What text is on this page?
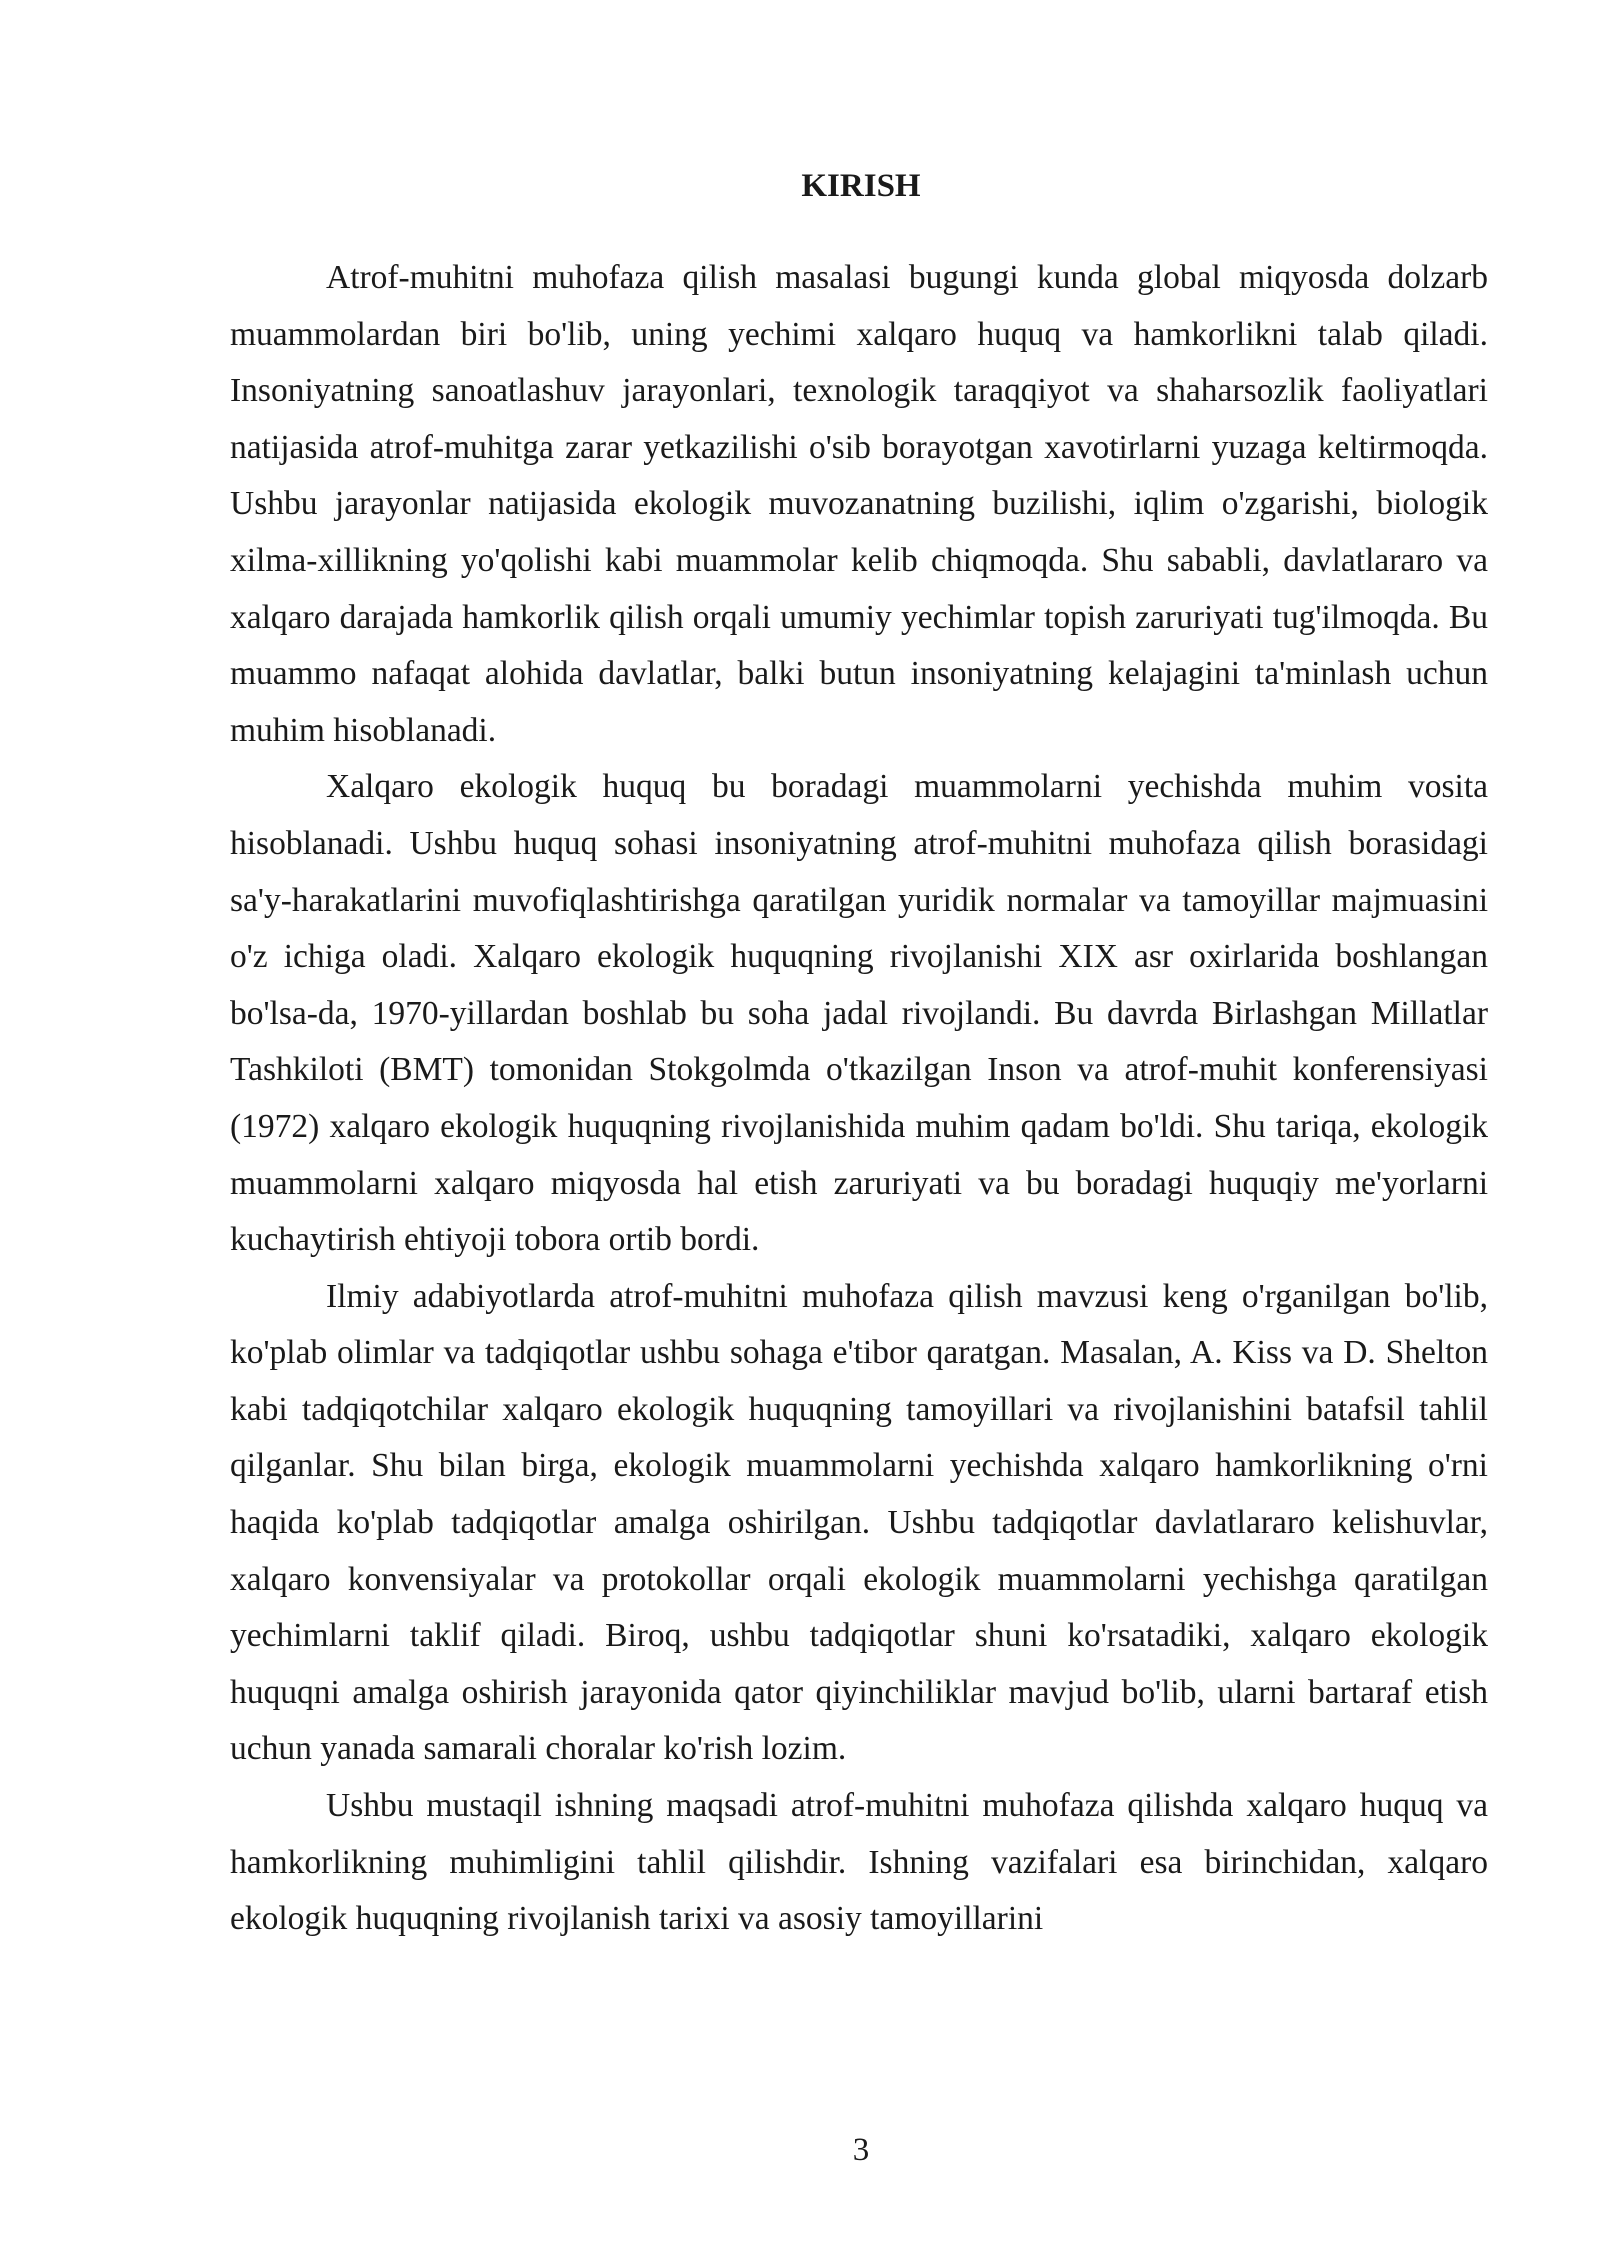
KIRISH

Atrof-muhitni muhofaza qilish masalasi bugungi kunda global miqyosda dolzarb muammolardan biri bo'lib, uning yechimi xalqaro huquq va hamkorlikni talab qiladi. Insoniyatning sanoatlashuv jarayonlari, texnologik taraqqiyot va shaharsozlik faoliyatlari natijasida atrof-muhitga zarar yetkazilishi o'sib borayotgan xavotirlarni yuzaga keltirmoqda. Ushbu jarayonlar natijasida ekologik muvozanatning buzilishi, iqlim o'zgarishi, biologik xilma-xillikning yo'qolishi kabi muammolar kelib chiqmoqda. Shu sababli, davlatlararo va xalqaro darajada hamkorlik qilish orqali umumiy yechimlar topish zaruriyati tug'ilmoqda. Bu muammo nafaqat alohida davlatlar, balki butun insoniyatning kelajagini ta'minlash uchun muhim hisoblanadi.

Xalqaro ekologik huquq bu boradagi muammolarni yechishda muhim vosita hisoblanadi. Ushbu huquq sohasi insoniyatning atrof-muhitni muhofaza qilish borasidagi sa'y-harakatlarini muvofiqlashtirishga qaratilgan yuridik normalar va tamoyillar majmuasini o'z ichiga oladi. Xalqaro ekologik huquqning rivojlanishi XIX asr oxirlarida boshlangan bo'lsa-da, 1970-yillardan boshlab bu soha jadal rivojlandi. Bu davrda Birlashgan Millatlar Tashkiloti (BMT) tomonidan Stokgolmda o'tkazilgan Inson va atrof-muhit konferensiyasi (1972) xalqaro ekologik huquqning rivojlanishida muhim qadam bo'ldi. Shu tariqa, ekologik muammolarni xalqaro miqyosda hal etish zaruriyati va bu boradagi huquqiy me'yorlarni kuchaytirish ehtiyoji tobora ortib bordi.

Ilmiy adabiyotlarda atrof-muhitni muhofaza qilish mavzusi keng o'rganilgan bo'lib, ko'plab olimlar va tadqiqotlar ushbu sohaga e'tibor qaratgan. Masalan, A. Kiss va D. Shelton kabi tadqiqotchilar xalqaro ekologik huquqning tamoyillari va rivojlanishini batafsil tahlil qilganlar. Shu bilan birga, ekologik muammolarni yechishda xalqaro hamkorlikning o'rni haqida ko'plab tadqiqotlar amalga oshirilgan. Ushbu tadqiqotlar davlatlararo kelishuvlar, xalqaro konvensiyalar va protokollar orqali ekologik muammolarni yechishga qaratilgan yechimlarni taklif qiladi. Biroq, ushbu tadqiqotlar shuni ko'rsatadiki, xalqaro ekologik huquqni amalga oshirish jarayonida qator qiyinchiliklar mavjud bo'lib, ularni bartaraf etish uchun yanada samarali choralar ko'rish lozim.

Ushbu mustaqil ishning maqsadi atrof-muhitni muhofaza qilishda xalqaro huquq va hamkorlikning muhimligini tahlil qilishdir. Ishning vazifalari esa birinchidan, xalqaro ekologik huquqning rivojlanish tarixi va asosiy tamoyillarini

3
